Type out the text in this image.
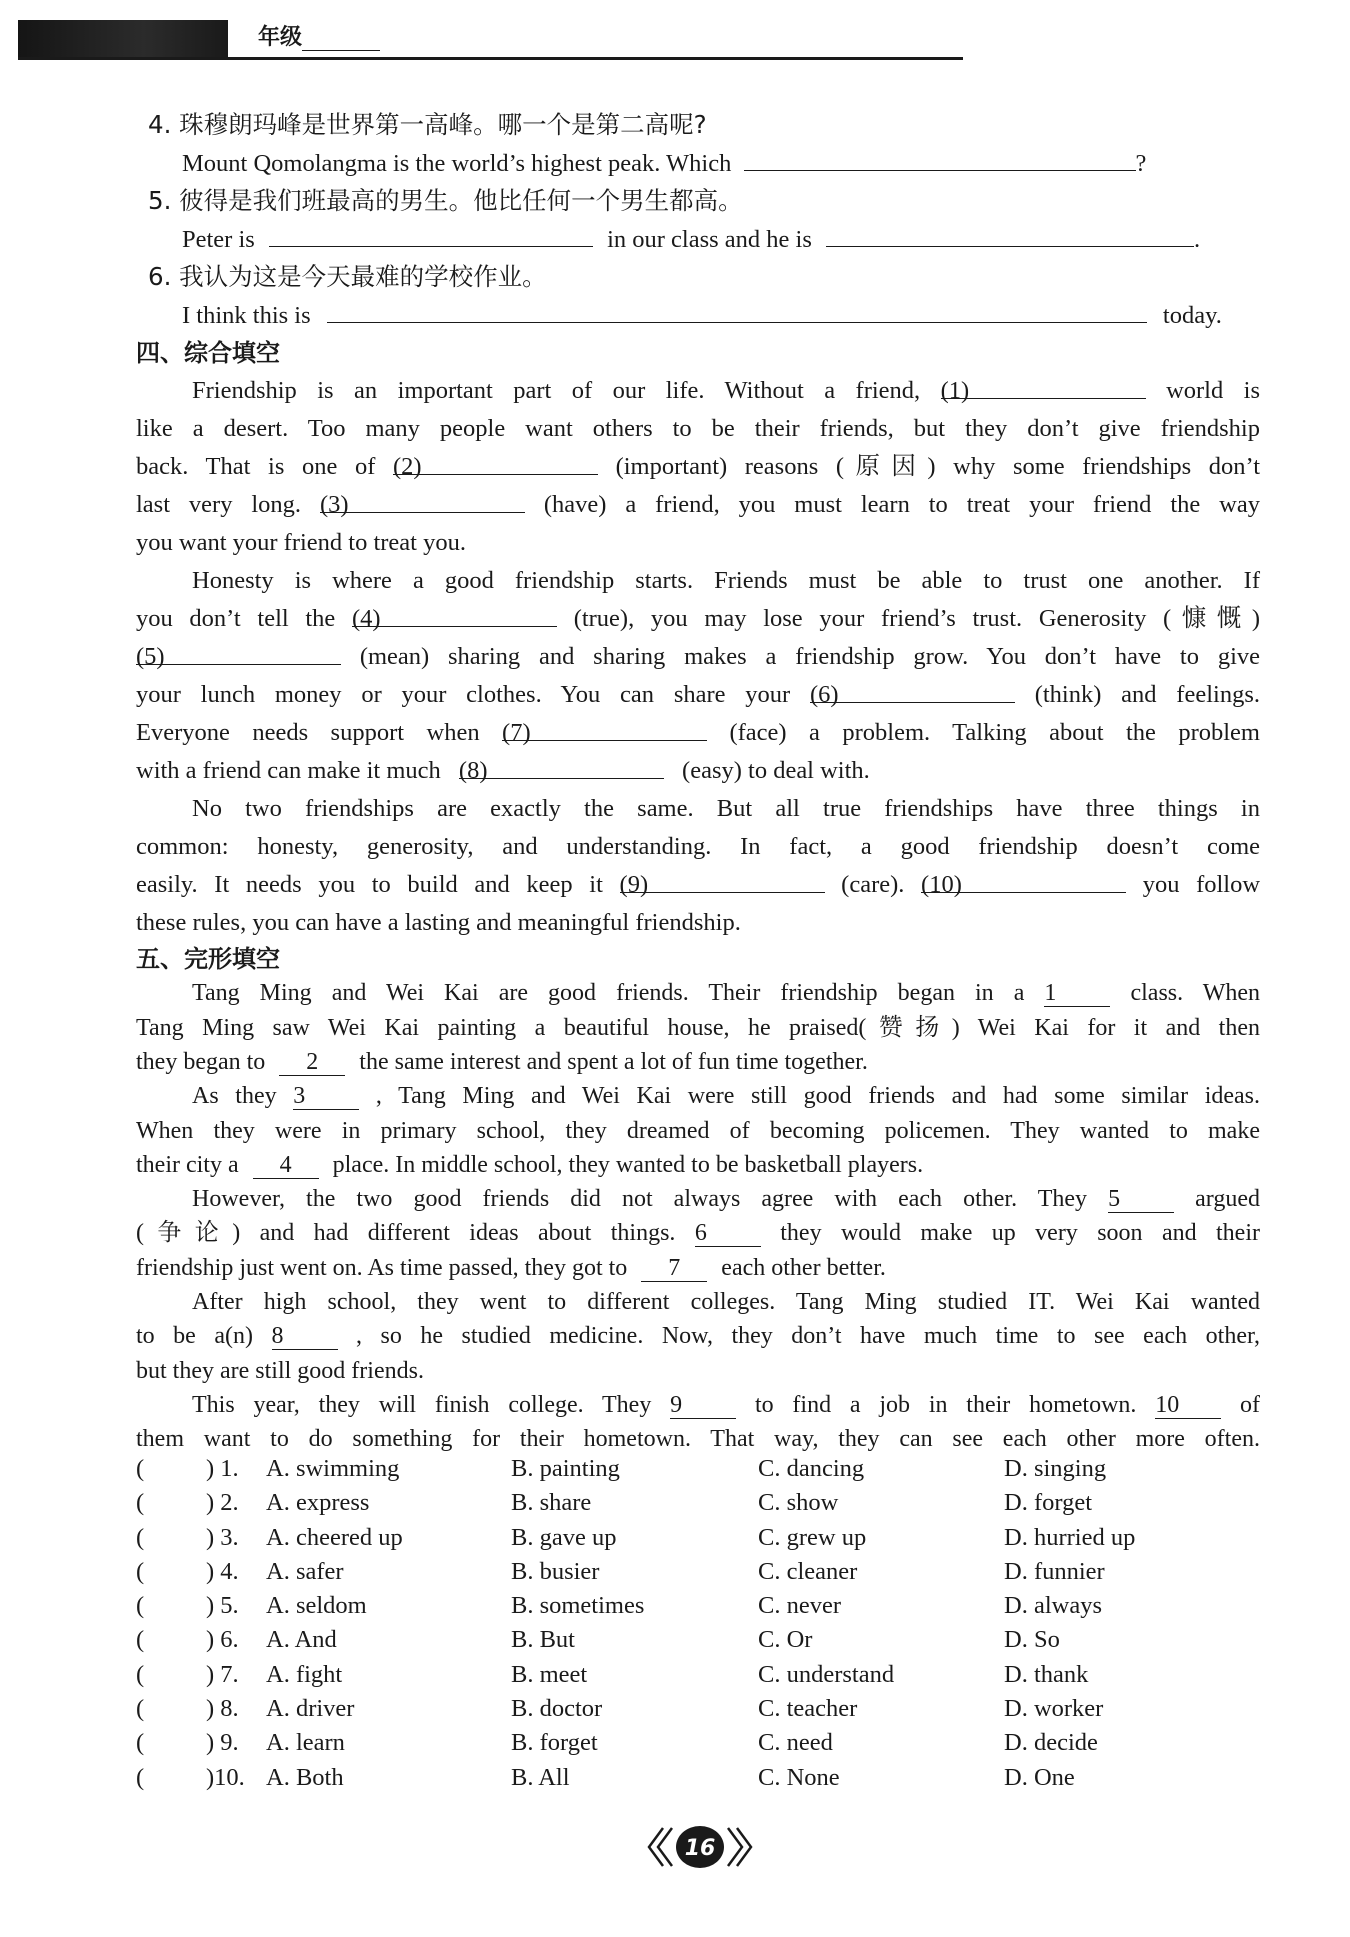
年级
4. 珠穆朗玛峰是世界第一高峰。哪一个是第二高呢?
Mount Qomolangma is the world’s highest peak. Which	?
5. 彼得是我们班最高的男生。他比任何一个男生都高。
Peter is	in our class and he is	.
6. 我认为这是今天最难的学校作业。
I think this is	today.
四、综合填空
Friendship is an important part of our life. Without a friend, (1)	world is
like a desert. Too many people want others to be their friends, but they don’t give friendship
back. That is one of (2)	(important) reasons (原因) why some friendships don’t
last very long. (3)	(have) a friend, you must learn to treat your friend the way
you want your friend to treat you.
Honesty is where a good friendship starts. Friends must be able to trust one another. If
you don’t tell the (4)	(true), you may lose your friend’s trust. Generosity (慷慨)
(5)	(mean) sharing and sharing makes a friendship grow. You don’t have to give
your lunch money or your clothes. You can share your (6)	(think) and feelings.
Everyone needs support when (7)	(face) a problem. Talking about the problem
with a friend can make it much (8)	(easy) to deal with.
No two friendships are exactly the same. But all true friendships have three things in
common: honesty, generosity, and understanding. In fact, a good friendship doesn’t come
easily. It needs you to build and keep it (9)	(care). (10)	you follow
these rules, you can have a lasting and meaningful friendship.
五、完形填空
Tang Ming and Wei Kai are good friends. Their friendship began in a 1	class. When
Tang Ming saw Wei Kai painting a beautiful house, he praised(赞扬) Wei Kai for it and then
they began to 2 the same interest and spent a lot of fun time together.
As they 3	, Tang Ming and Wei Kai were still good friends and had some similar ideas.
When they were in primary school, they dreamed of becoming policemen. They wanted to make
their city a 4 place. In middle school, they wanted to be basketball players.
However, the two good friends did not always agree with each other. They 5	argued
(争论) and had different ideas about things. 6	they would make up very soon and their
friendship just went on. As time passed, they got to 7 each other better.
After high school, they went to different colleges. Tang Ming studied IT. Wei Kai wanted
to be a(n) 8	, so he studied medicine. Now, they don’t have much time to see each other,
but they are still good friends.
This year, they will finish college. They 9	to find a job in their hometown. 10	of
them want to do something for their hometown. That way, they can see each other more often.
(	) 1. A. swimming	B. painting	C. dancing	D. singing
(	) 2. A. express	B. share	C. show	D. forget
(	) 3. A. cheered up	B. gave up	C. grew up	D. hurried up
(	) 4. A. safer	B. busier	C. cleaner	D. funnier
(	) 5. A. seldom	B. sometimes	C. never	D. always
(	) 6. A. And	B. But	C. Or	D. So
(	) 7. A. fight	B. meet	C. understand	D. thank
(	) 8. A. driver	B. doctor	C. teacher	D. worker
(	) 9. A. learn	B. forget	C. need	D. decide
(	)10. A. Both	B. All	C. None	D. One
16
